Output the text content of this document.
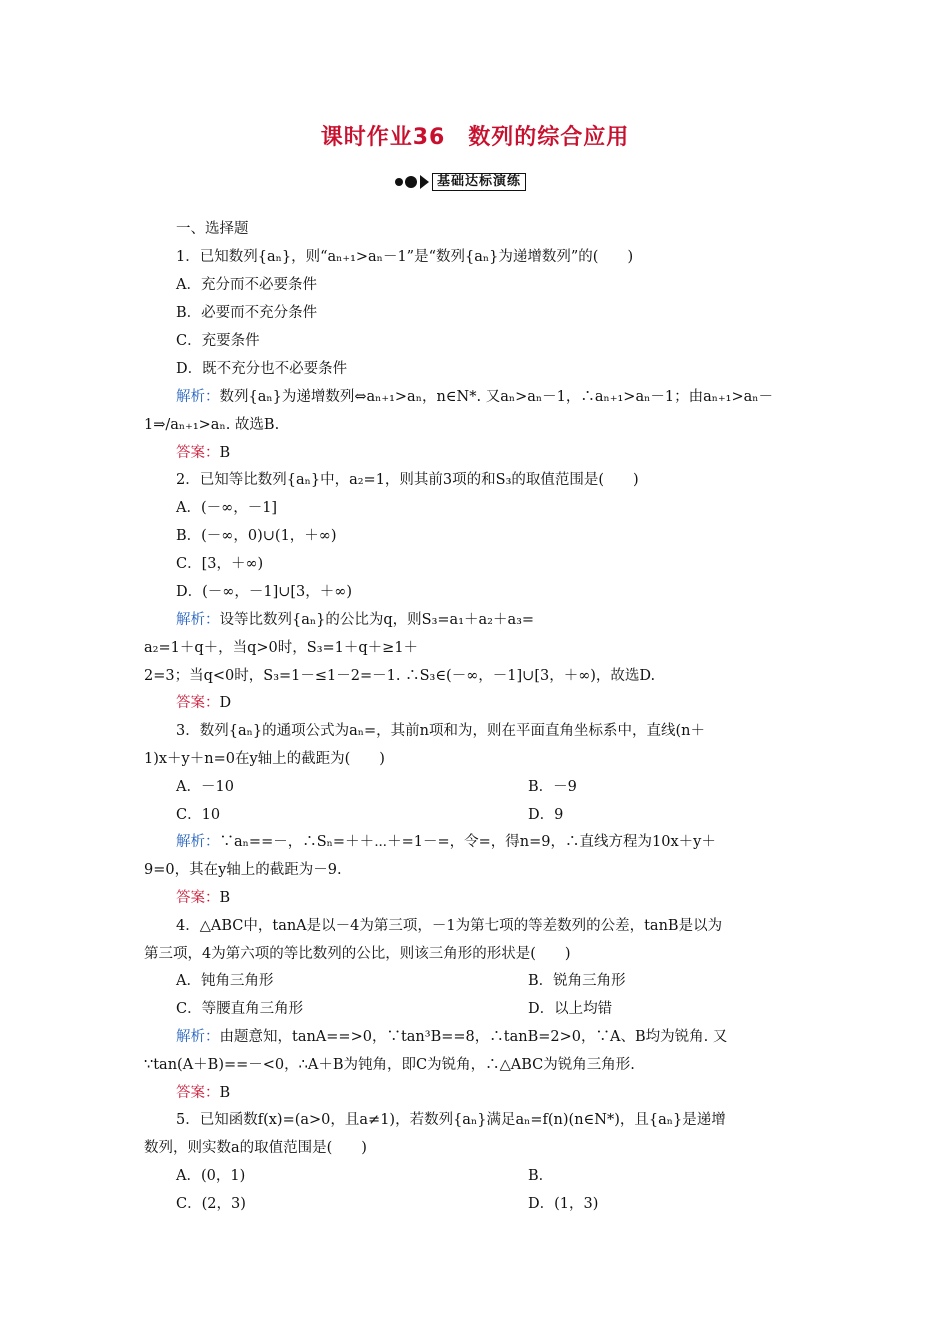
课时作业36　数列的综合应用
基础达标演练
一、选择题
1．已知数列{aₙ}，则“aₙ₊₁>aₙ－1”是“数列{aₙ}为递增数列”的(　　)
A．充分而不必要条件
B．必要而不充分条件
C．充要条件
D．既不充分也不必要条件
解析：数列{aₙ}为递增数列⇔aₙ₊₁>aₙ，n∈N*. 又aₙ>aₙ－1，∴aₙ₊₁>aₙ－1；由aₙ₊₁>aₙ－
1⇒/aₙ₊₁>aₙ. 故选B.
答案：B
2．已知等比数列{aₙ}中，a₂=1，则其前3项的和S₃的取值范围是(　　)
A．(－∞，－1]
B．(－∞，0)∪(1，＋∞)
C．[3，＋∞)
D．(－∞，－1]∪[3，＋∞)
解析：设等比数列{aₙ}的公比为q，则S₃=a₁＋a₂＋a₃=
a₂=1＋q＋，当q>0时，S₃=1＋q＋≥1＋
2=3；当q<0时，S₃=1－≤1－2=－1. ∴S₃∈(－∞，－1]∪[3，＋∞)，故选D.
答案：D
3．数列{aₙ}的通项公式为aₙ=，其前n项和为，则在平面直角坐标系中，直线(n＋
1)x＋y＋n=0在y轴上的截距为(　　)
A．－10	B．－9
C．10	D．9
解析：∵aₙ==－，∴Sₙ=＋＋⋯＋=1－=，令=，得n=9，∴直线方程为10x＋y＋
9=0，其在y轴上的截距为－9.
答案：B
4．△ABC中，tanA是以－4为第三项，－1为第七项的等差数列的公差，tanB是以为
第三项，4为第六项的等比数列的公比，则该三角形的形状是(　　)
A．钝角三角形	B．锐角三角形
C．等腰直角三角形	D．以上均错
解析：由题意知，tanA==>0，∵tan³B==8，∴tanB=2>0，∵A、B均为锐角. 又
∵tan(A＋B)==－<0，∴A＋B为钝角，即C为锐角，∴△ABC为锐角三角形.
答案：B
5．已知函数f(x)=(a>0，且a≠1)，若数列{aₙ}满足aₙ=f(n)(n∈N*)，且{aₙ}是递增
数列，则实数a的取值范围是(　　)
A．(0，1)	B．
C．(2，3)	D．(1，3)
